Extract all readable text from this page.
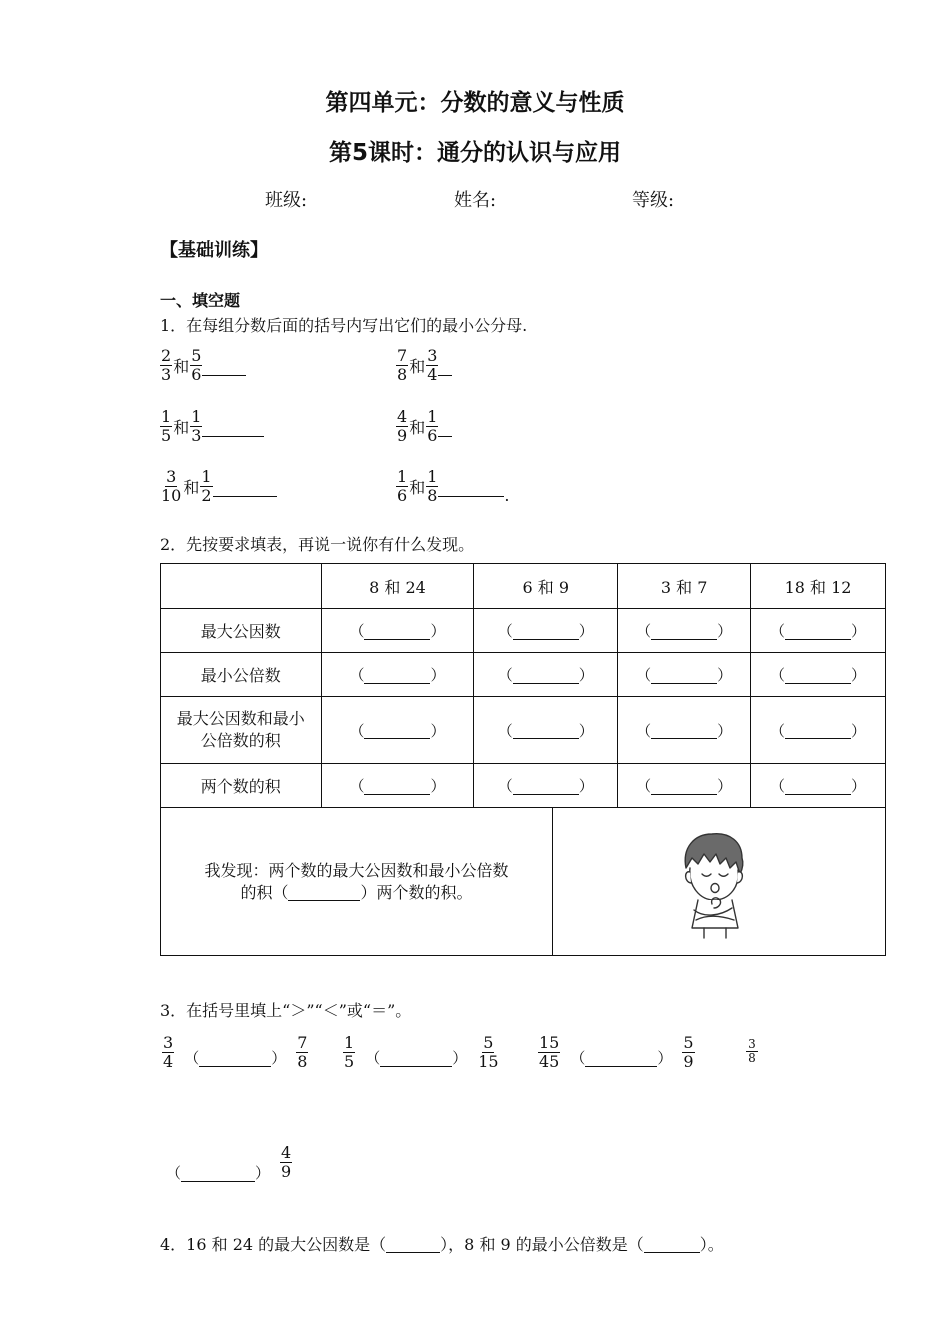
第四单元：分数的意义与性质
第5课时：通分的认识与应用
班级:	姓名:	等级:
【基础训练】
一、填空题
1．在每组分数后面的括号内写出它们的最小公分母.
$\frac{2}{3}$ 和 $\frac{5}{6}$	$\frac{7}{8}$ 和 $\frac{3}{4}$
$\frac{1}{5}$ 和 $\frac{1}{3}$	$\frac{4}{9}$ 和 $\frac{1}{6}$
$\frac{3}{10}$ 和 $\frac{1}{2}$	$\frac{1}{6}$ 和 $\frac{1}{8}$	.
2．先按要求填表，再说一说你有什么发现。
	8 和 24	6 和 9	3 和 7	18 和 12
最大公因数	（ ）	（ ）	（ ）	（ ）
最小公倍数	（ ）	（ ）	（ ）	（ ）
最大公因数和最小公倍数的积	（ ）	（ ）	（ ）	（ ）
两个数的积	（ ）	（ ）	（ ）	（ ）
我发现：两个数的最大公因数和最小公倍数
的积（	）两个数的积。
3．在括号里填上“＞”“＜”或“＝”。
$\frac{3}{4}$ （	） $\frac{7}{8} \frac{1}{5}$ （	） $\frac{5}{15} \frac{15}{45}$ （	） $\frac{5}{9}$	$\frac{3}{8}$
（	） $\frac{4}{9}$
4．16 和 24 的最大公因数是（	），8 和 9 的最小公倍数是（	）。
